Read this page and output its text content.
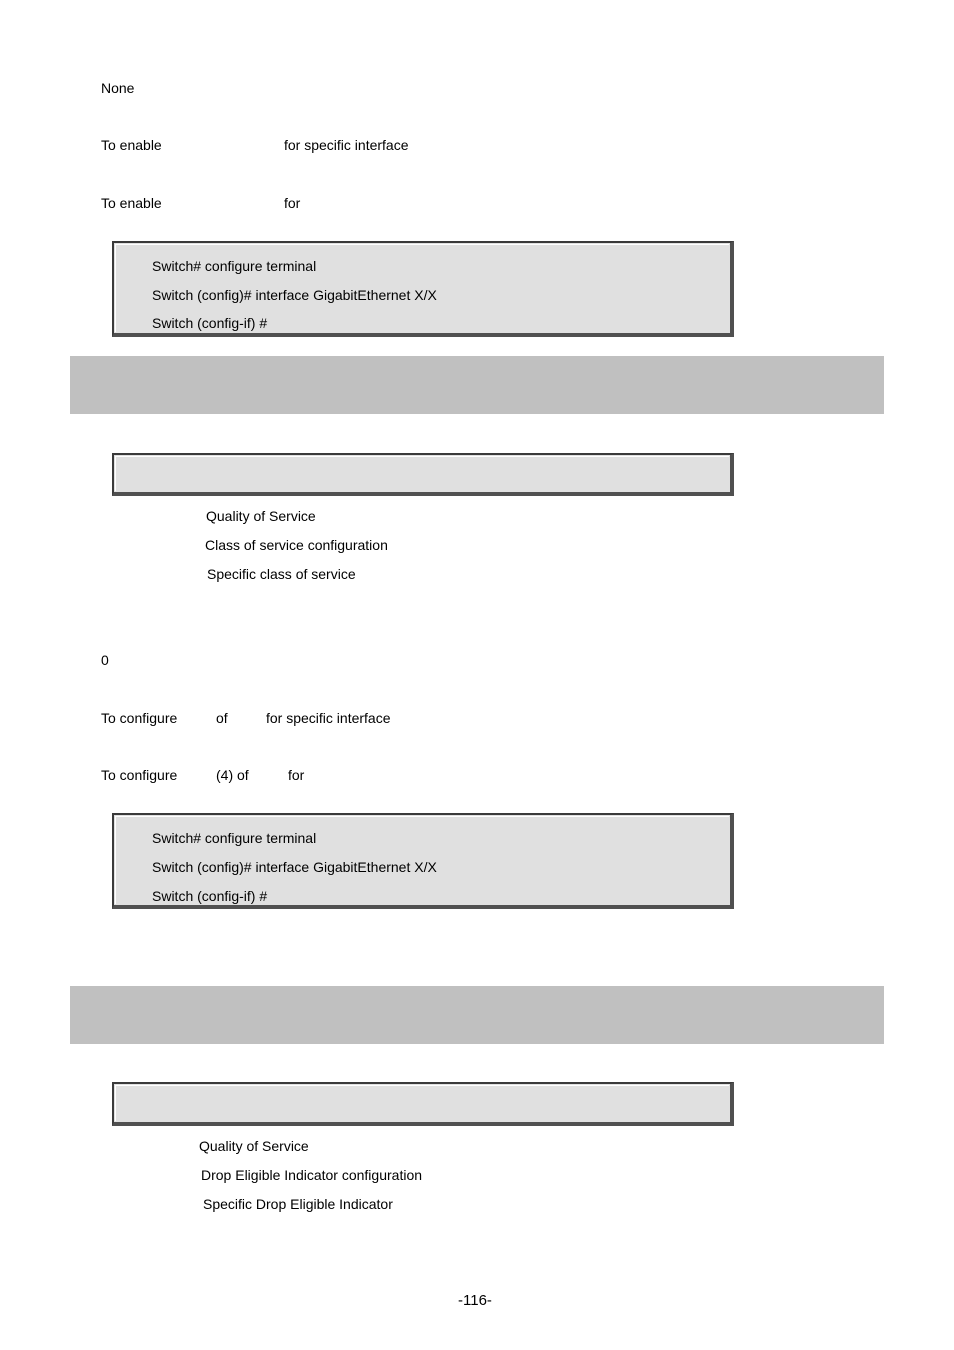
None
To enable	for specific interface
To enable	for
Switch# configure terminal
Switch (config)# interface GigabitEthernet X/X
Switch (config-if) #
Quality of Service
Class of service configuration
Specific class of service
0
To configure	of	for specific interface
To configure	(4) of	for
Switch# configure terminal
Switch (config)# interface GigabitEthernet X/X
Switch (config-if) #
Quality of Service
Drop Eligible Indicator configuration
Specific Drop Eligible Indicator
-116-
